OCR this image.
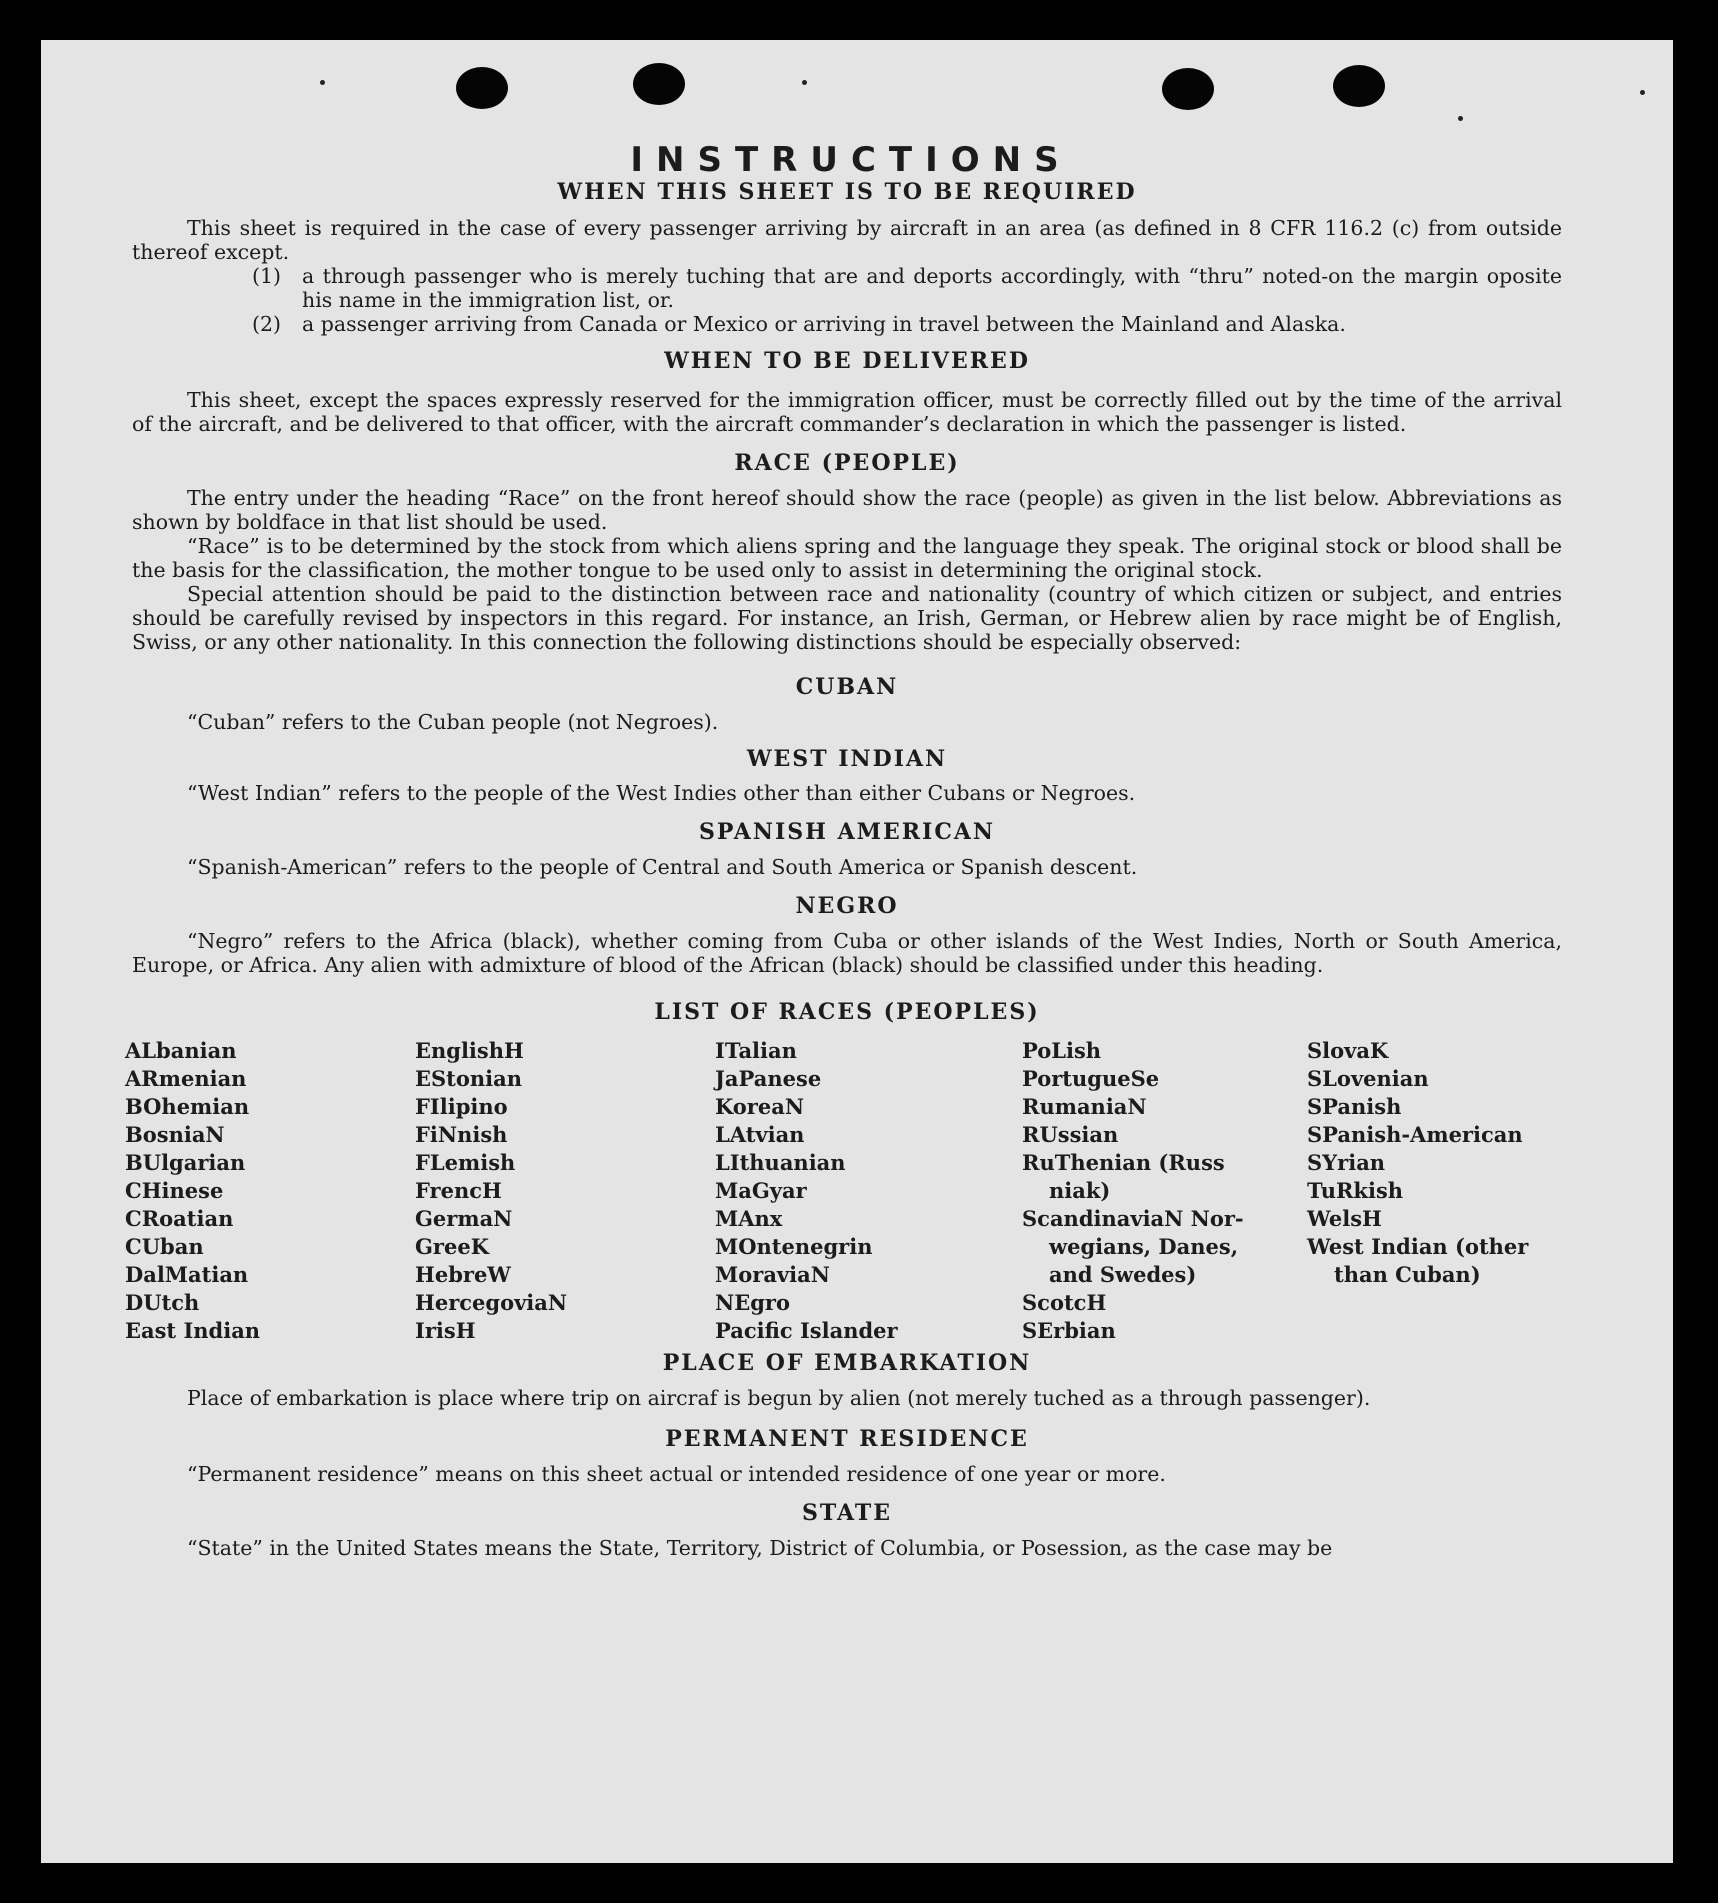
INSTRUCTIONS
WHEN THIS SHEET IS TO BE REQUIRED

This sheet is required in the case of every passenger arriving by aircraft in an area (as defined in 8 CFR 116.2 (c) from outside thereof except.

(1) a through passenger who is merely tuching that are and deports accordingly, with “thru” noted-on the margin oposite his name in the immigration list, or.
(2) a passenger arriving from Canada or Mexico or arriving in travel between the Mainland and Alaska.
WHEN TO BE DELIVERED

This sheet, except the spaces expressly reserved for the immigration officer, must be correctly filled out by the time of the arrival of the aircraft, and be delivered to that officer, with the aircraft commander’s declaration in which the passenger is listed.

RACE (PEOPLE)

The entry under the heading “Race” on the front hereof should show the race (people) as given in the list below. Abbreviations as shown by boldface in that list should be used.

“Race” is to be determined by the stock from which aliens spring and the language they speak. The original stock or blood shall be the basis for the classification, the mother tongue to be used only to assist in determining the original stock.

Special attention should be paid to the distinction between race and nationality (country of which citizen or subject, and entries should be carefully revised by inspectors in this regard. For instance, an Irish, German, or Hebrew alien by race might be of English, Swiss, or any other nationality. In this connection the following distinctions should be especially observed:

CUBAN

“Cuban” refers to the Cuban people (not Negroes).

WEST INDIAN

“West Indian” refers to the people of the West Indies other than either Cubans or Negroes.

SPANISH AMERICAN

“Spanish-American” refers to the people of Central and South America or Spanish descent.

NEGRO

“Negro” refers to the Africa (black), whether coming from Cuba or other islands of the West Indies, North or South America, Europe, or Africa. Any alien with admixture of blood of the African (black) should be classified under this heading.

LIST OF RACES (PEOPLES)
ALbanian
ARmenian
BOhemian
BosniaN
BUlgarian
CHinese
CRoatian
CUban
DalMatian
DUtch
East Indian
EnglishH
EStonian
FIlipino
FiNnish
FLemish
FrencH
GermaN
GreeK
HebreW
HercegoviaN
IrisH
ITalian
JaPanese
KoreaN
LAtvian
LIthuanian
MaGyar
MAnx
MOntenegrin
MoraviaN
NEgro
Pacific Islander
PoLish
PortugueSe
RumaniaN
RUssian
RuThenian (Russ
niak)
ScandinaviaN Nor-
wegians, Danes,
and Swedes)
ScotcH
SErbian
SlovaK
SLovenian
SPanish
SPanish-American
SYrian
TuRkish
WelsH
West Indian (other
than Cuban)
PLACE OF EMBARKATION

Place of embarkation is place where trip on aircraf is begun by alien (not merely tuched as a through passenger).

PERMANENT RESIDENCE

“Permanent residence” means on this sheet actual or intended residence of one year or more.

STATE

“State” in the United States means the State, Territory, District of Columbia, or Posession, as the case may be
